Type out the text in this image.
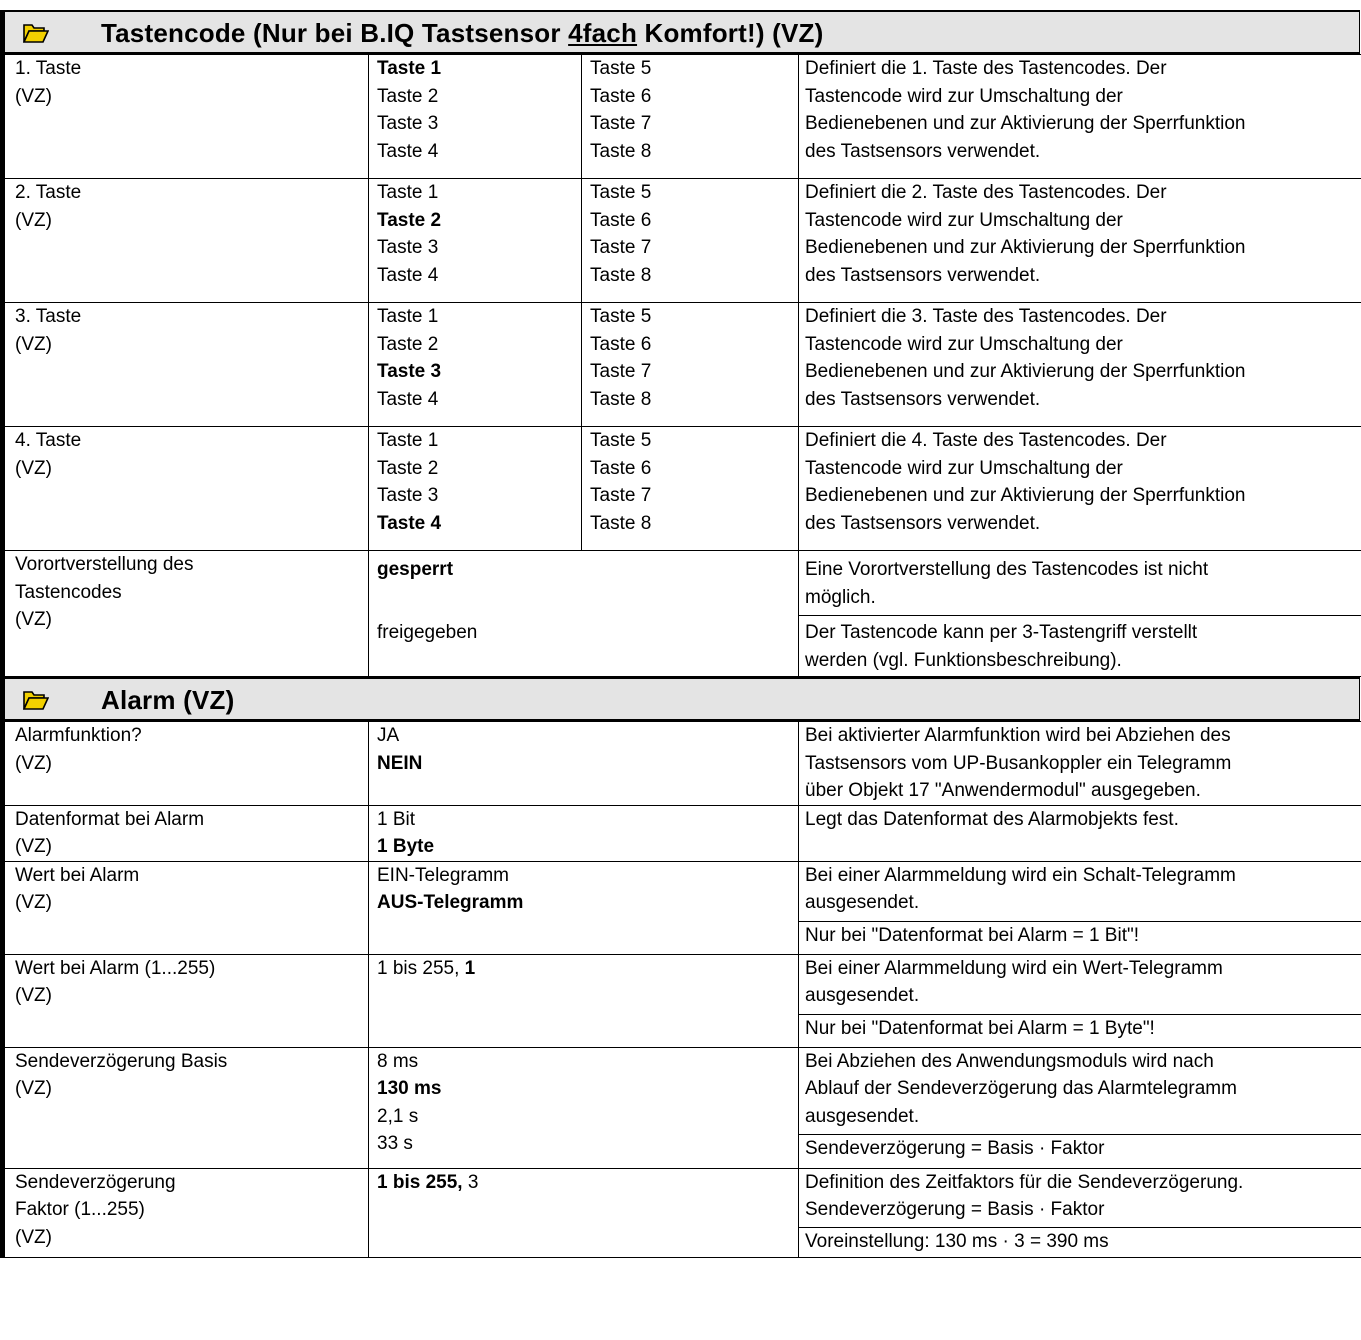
Tastencode (Nur bei B.IQ Tastsensor 4fach Komfort!) (VZ)
1. Taste
(VZ)	Taste 1
Taste 2
Taste 3
Taste 4	Taste 5
Taste 6
Taste 7
Taste 8	Definiert die 1. Taste des Tastencodes. Der
Tastencode wird zur Umschaltung der
Bedienebenen und zur Aktivierung der Sperrfunktion
des Tastsensors verwendet.

2. Taste
(VZ)	Taste 1
Taste 2
Taste 3
Taste 4	Taste 5
Taste 6
Taste 7
Taste 8	Definiert die 2. Taste des Tastencodes. Der
Tastencode wird zur Umschaltung der
Bedienebenen und zur Aktivierung der Sperrfunktion
des Tastsensors verwendet.

3. Taste
(VZ)	Taste 1
Taste 2
Taste 3
Taste 4	Taste 5
Taste 6
Taste 7
Taste 8	Definiert die 3. Taste des Tastencodes. Der
Tastencode wird zur Umschaltung der
Bedienebenen und zur Aktivierung der Sperrfunktion
des Tastsensors verwendet.

4. Taste
(VZ)	Taste 1
Taste 2
Taste 3
Taste 4	Taste 5
Taste 6
Taste 7
Taste 8	Definiert die 4. Taste des Tastencodes. Der
Tastencode wird zur Umschaltung der
Bedienebenen und zur Aktivierung der Sperrfunktion
des Tastsensors verwendet.

Vorortverstellung des
Tastencodes
(VZ)	gesperrt
freigegeben		Eine Vorortverstellung des Tastencodes ist nicht
möglich.
Der Tastencode kann per 3-Tastengriff verstellt
werden (vgl. Funktionsbeschreibung).
Alarm (VZ)
Alarmfunktion?
(VZ)	JA
NEIN	Bei aktivierter Alarmfunktion wird bei Abziehen des
Tastsensors vom UP-Busankoppler ein Telegramm
über Objekt 17 "Anwendermodul" ausgegeben.

Datenformat bei Alarm
(VZ)	1 Bit
1 Byte	Legt das Datenformat des Alarmobjekts fest.

Wert bei Alarm
(VZ)	EIN-Telegramm
AUS-Telegramm	Bei einer Alarmmeldung wird ein Schalt-Telegramm
ausgesendet.
Nur bei "Datenformat bei Alarm = 1 Bit"!

Wert bei Alarm (1...255)
(VZ)	1 bis 255, 1	Bei einer Alarmmeldung wird ein Wert-Telegramm
ausgesendet.
Nur bei "Datenformat bei Alarm = 1 Byte"!

Sendeverzögerung Basis
(VZ)	8 ms
130 ms
2,1 s
33 s	Bei Abziehen des Anwendungsmoduls wird nach
Ablauf der Sendeverzögerung das Alarmtelegramm
ausgesendet.
Sendeverzögerung = Basis · Faktor

Sendeverzögerung
Faktor (1...255)
(VZ)	1 bis 255, 3	Definition des Zeitfaktors für die Sendeverzögerung.
Sendeverzögerung = Basis · Faktor
Voreinstellung: 130 ms · 3 = 390 ms
